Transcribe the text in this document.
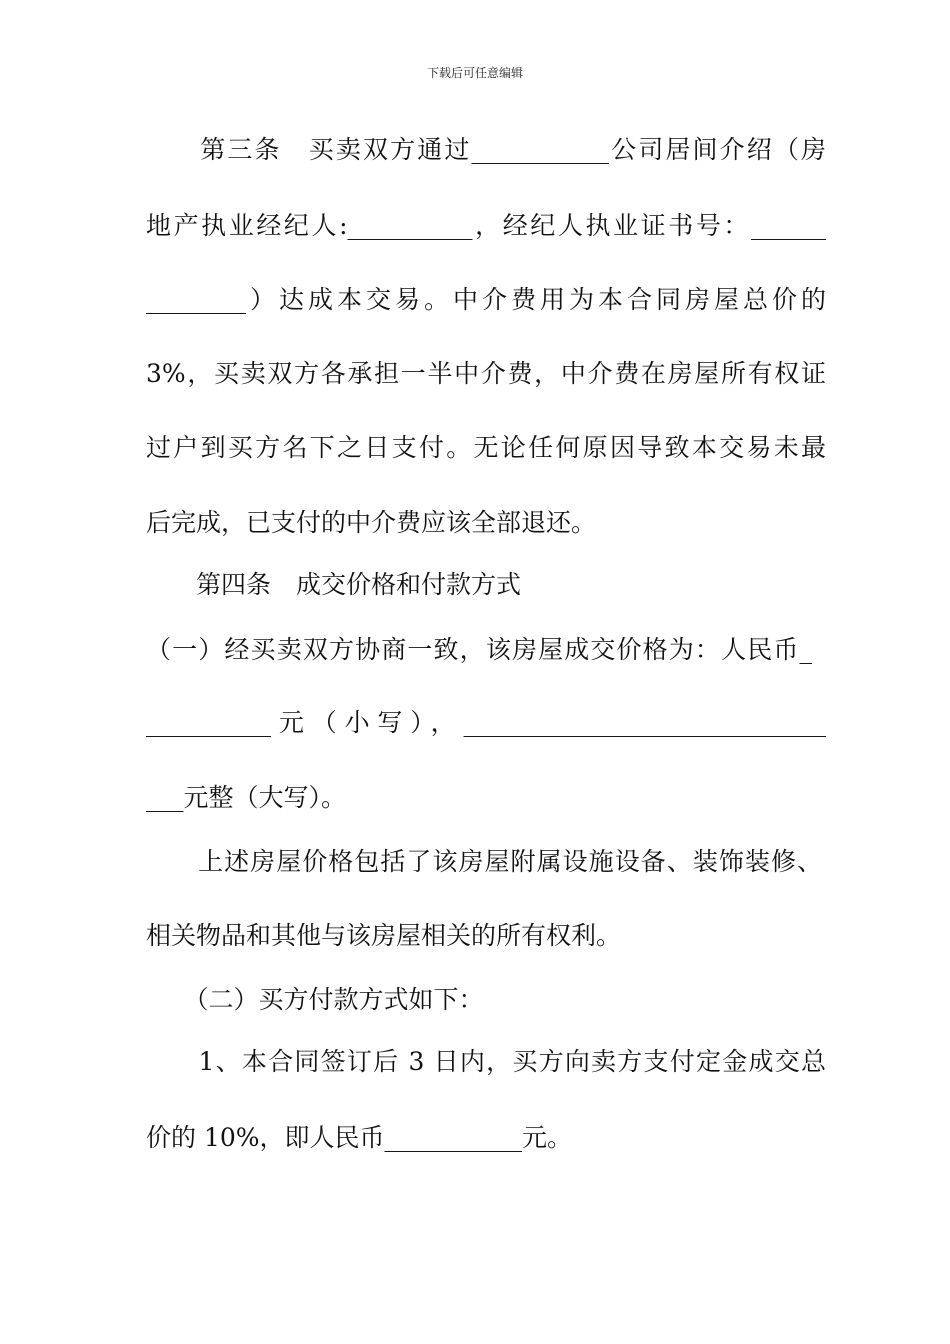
下载后可任意编辑
　　第三条　买卖双方通过___________公司居间介绍（房
地产执业经纪人:__________，经纪人执业证书号：______
________）达成本交易。中介费用为本合同房屋总价的
3%，买卖双方各承担一半中介费，中介费在房屋所有权证
过户到买方名下之日支付。无论任何原因导致本交易未最
后完成，已支付的中介费应该全部退还。
　　第四条　成交价格和付款方式
（一）经买卖双方协商一致，该房屋成交价格为：人民币_
__________元（小写），_____________________________
___元整（大写）。
　　上述房屋价格包括了该房屋附属设施设备、装饰装修、
相关物品和其他与该房屋相关的所有权利。
　　（二）买方付款方式如下：
　　1、本合同签订后 3 日内，买方向卖方支付定金成交总
价的 10%，即人民币___________元。
